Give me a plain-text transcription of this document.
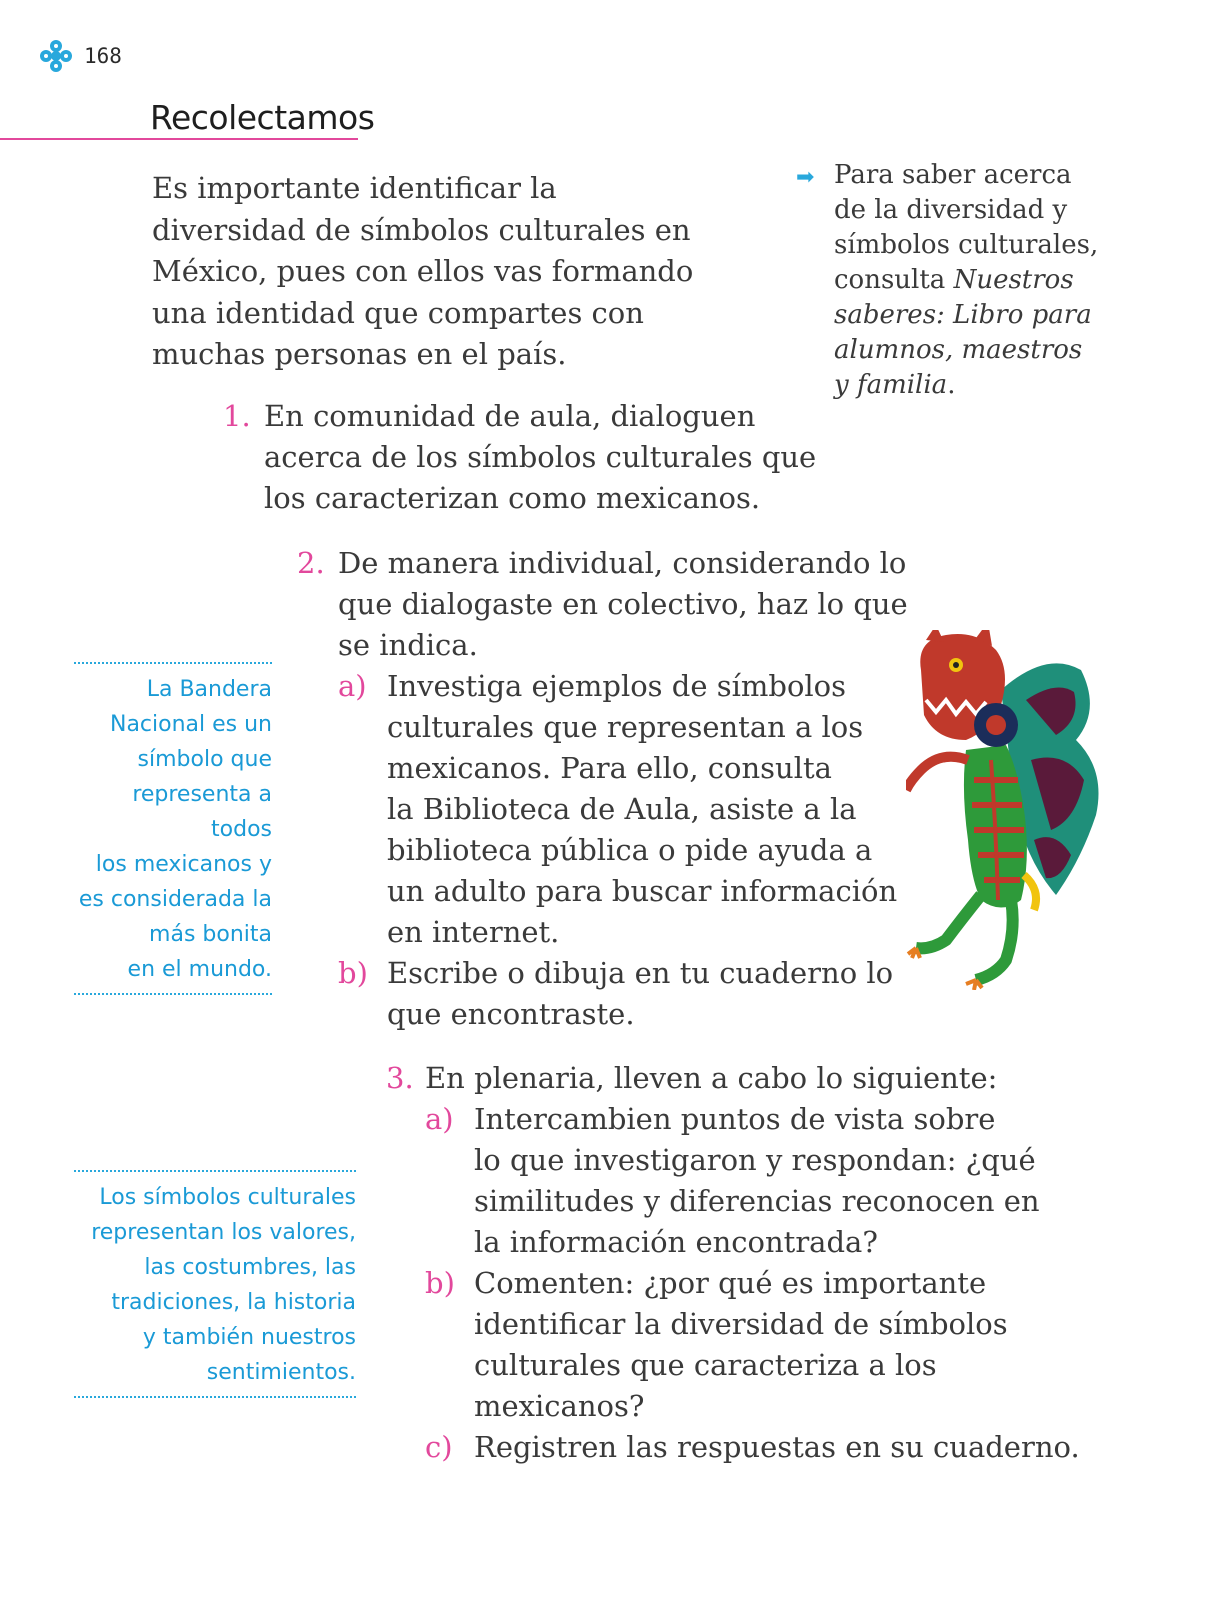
168
Recolectamos
Es importante identificar la
diversidad de símbolos culturales en
México, pues con ellos vas formando
una identidad que compartes con
muchas personas en el país.
➡ Para saber acerca de la diversidad y símbolos culturales, consulta Nuestros saberes: Libro para alumnos, maestros y familia.
1. En comunidad de aula, dialoguen
acerca de los símbolos culturales que
los caracterizan como mexicanos.
2. De manera individual, considerando lo
que dialogaste en colectivo, haz lo que
se indica.
a) Investiga ejemplos de símbolos
culturales que representan a los
mexicanos. Para ello, consulta
la Biblioteca de Aula, asiste a la
biblioteca pública o pide ayuda a
un adulto para buscar información
en internet.
b) Escribe o dibuja en tu cuaderno lo
que encontraste.
3. En plenaria, lleven a cabo lo siguiente:
a) Intercambien puntos de vista sobre
lo que investigaron y respondan: ¿qué
similitudes y diferencias reconocen en
la información encontrada?
b) Comenten: ¿por qué es importante
identificar la diversidad de símbolos
culturales que caracteriza a los
mexicanos?
c) Registren las respuestas en su cuaderno.
La Bandera
Nacional es un
símbolo que
representa a todos
los mexicanos y
es considerada la
más bonita
en el mundo.
Los símbolos culturales
representan los valores,
las costumbres, las
tradiciones, la historia
y también nuestros
sentimientos.
